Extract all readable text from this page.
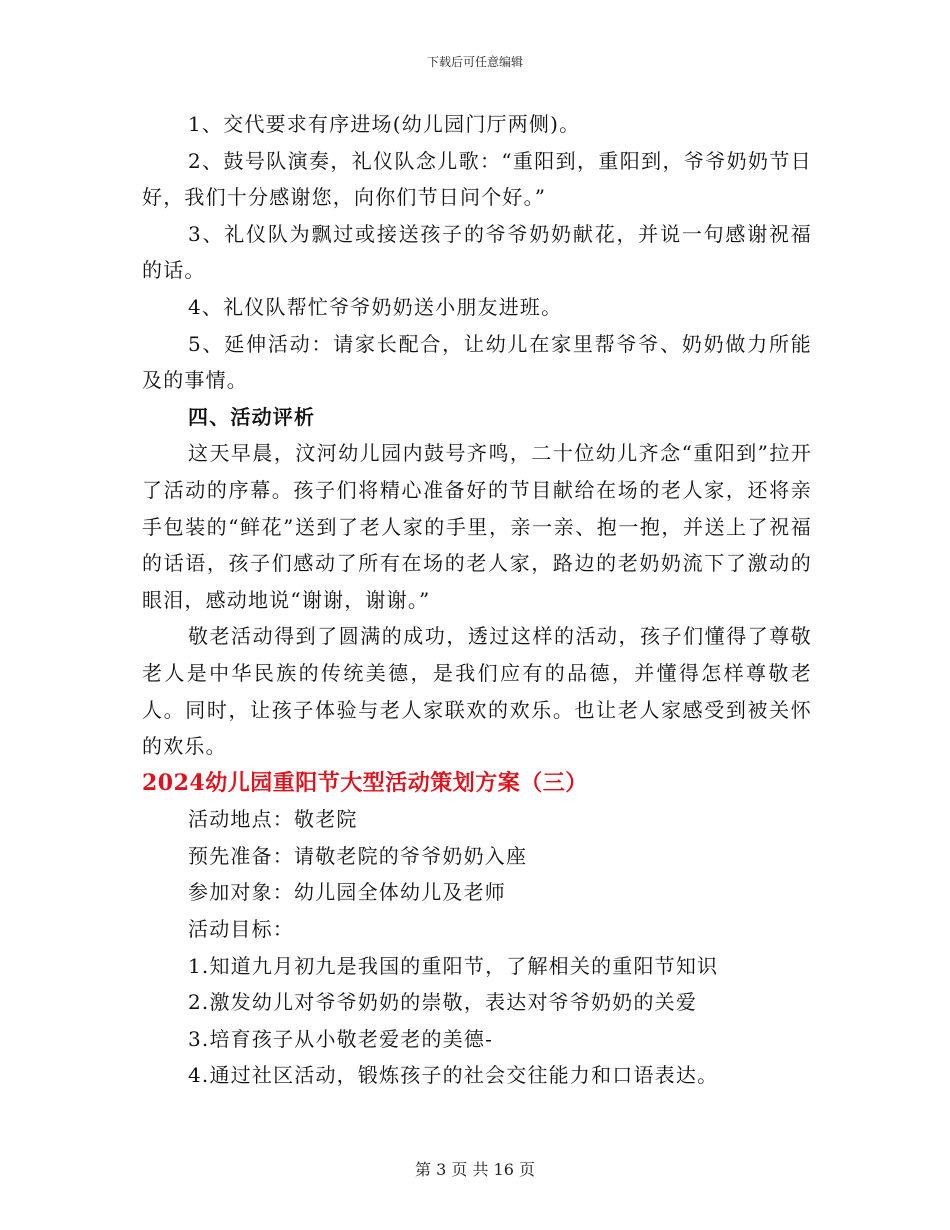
下载后可任意编辑

1、交代要求有序进场(幼儿园门厅两侧)。

2、鼓号队演奏，礼仪队念儿歌：“重阳到，重阳到，爷爷奶奶节日好，我们十分感谢您，向你们节日问个好。”

3、礼仪队为飘过或接送孩子的爷爷奶奶献花，并说一句感谢祝福的话。

4、礼仪队帮忙爷爷奶奶送小朋友进班。

5、延伸活动：请家长配合，让幼儿在家里帮爷爷、奶奶做力所能及的事情。

四、活动评析

这天早晨，汶河幼儿园内鼓号齐鸣，二十位幼儿齐念“重阳到”拉开了活动的序幕。孩子们将精心准备好的节目献给在场的老人家，还将亲手包装的“鲜花”送到了老人家的手里，亲一亲、抱一抱，并送上了祝福的话语，孩子们感动了所有在场的老人家，路边的老奶奶流下了激动的眼泪，感动地说“谢谢，谢谢。”

敬老活动得到了圆满的成功，透过这样的活动，孩子们懂得了尊敬老人是中华民族的传统美德，是我们应有的品德，并懂得怎样尊敬老人。同时，让孩子体验与老人家联欢的欢乐。也让老人家感受到被关怀的欢乐。

2024幼儿园重阳节大型活动策划方案（三）

活动地点：敬老院

预先准备：请敬老院的爷爷奶奶入座

参加对象：幼儿园全体幼儿及老师

活动目标：

1.知道九月初九是我国的重阳节，了解相关的重阳节知识

2.激发幼儿对爷爷奶奶的崇敬，表达对爷爷奶奶的关爱

3.培育孩子从小敬老爱老的美德-

4.通过社区活动，锻炼孩子的社会交往能力和口语表达。

第 3 页 共 16 页
